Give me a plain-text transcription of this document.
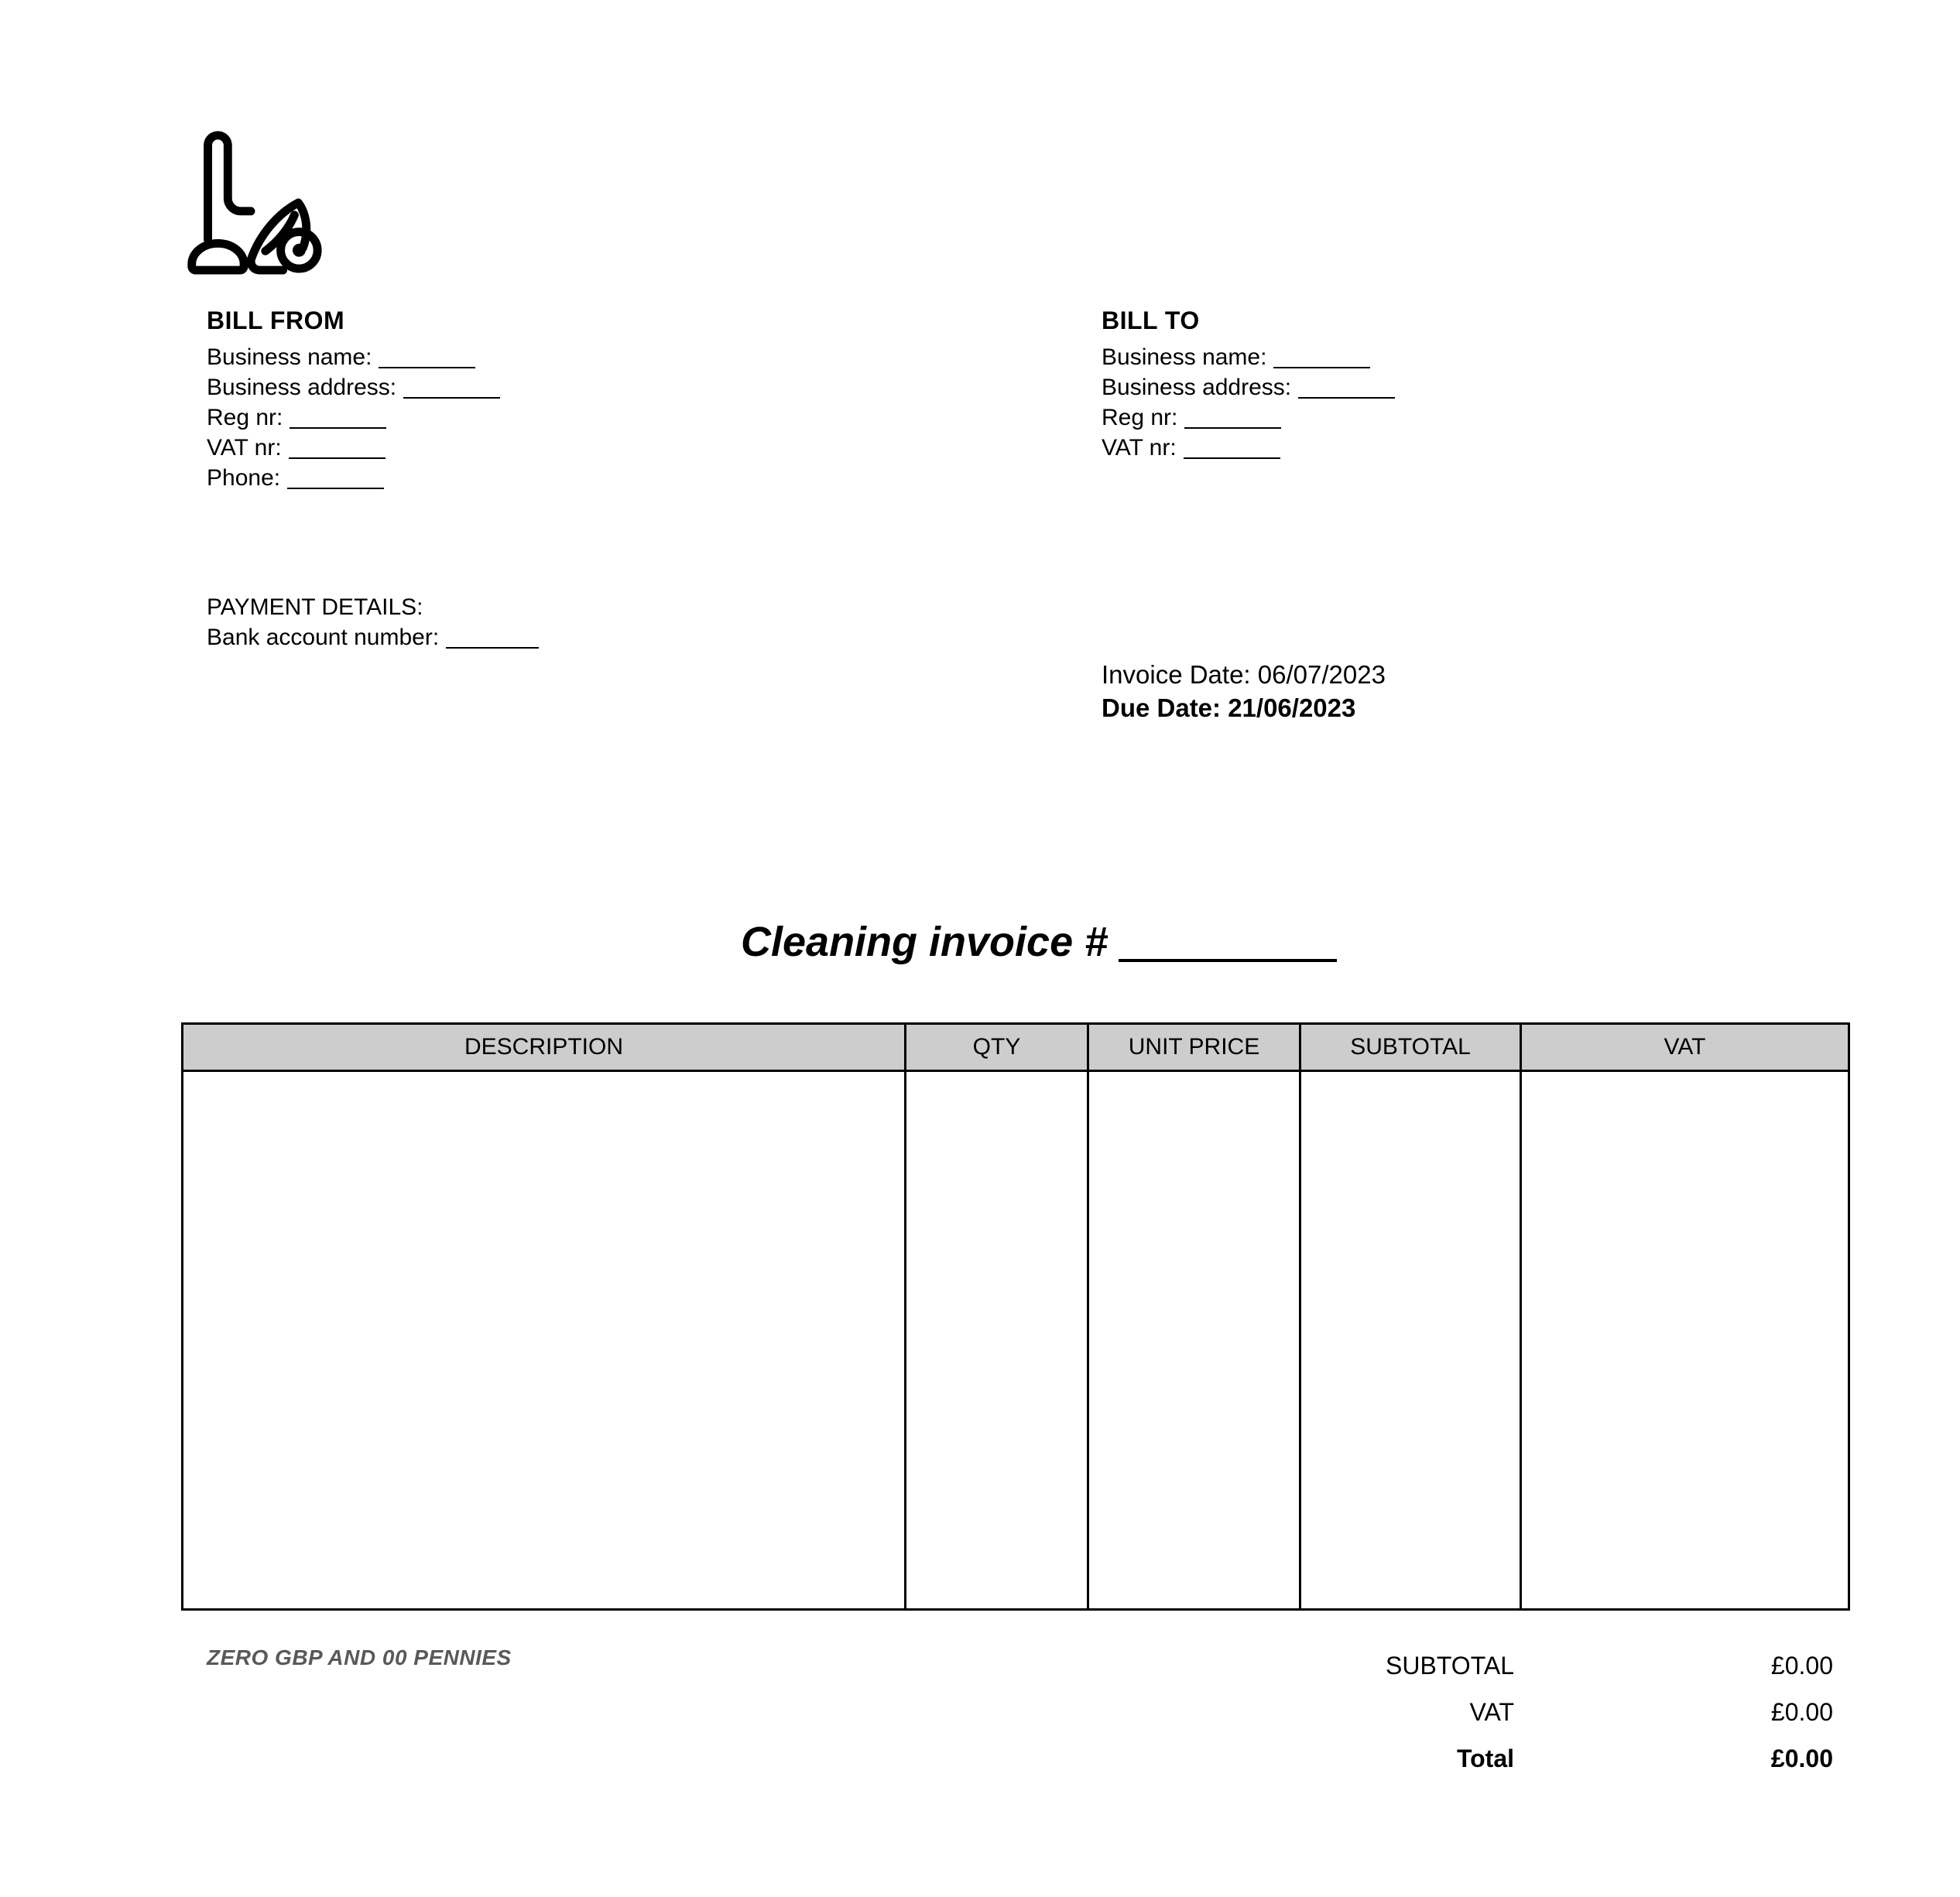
BILL FROM
Business name:
Business address:
Reg nr:
VAT nr:
Phone:
BILL TO
Business name:
Business address:
Reg nr:
VAT nr:
PAYMENT DETAILS:
Bank account number:
Invoice Date: 06/07/2023
Due Date: 21/06/2023
Cleaning invoice #
DESCRIPTION	QTY	UNIT PRICE	SUBTOTAL	VAT
ZERO GBP AND 00 PENNIES	SUBTOTAL	£0.00
VAT	£0.00
Total	£0.00
